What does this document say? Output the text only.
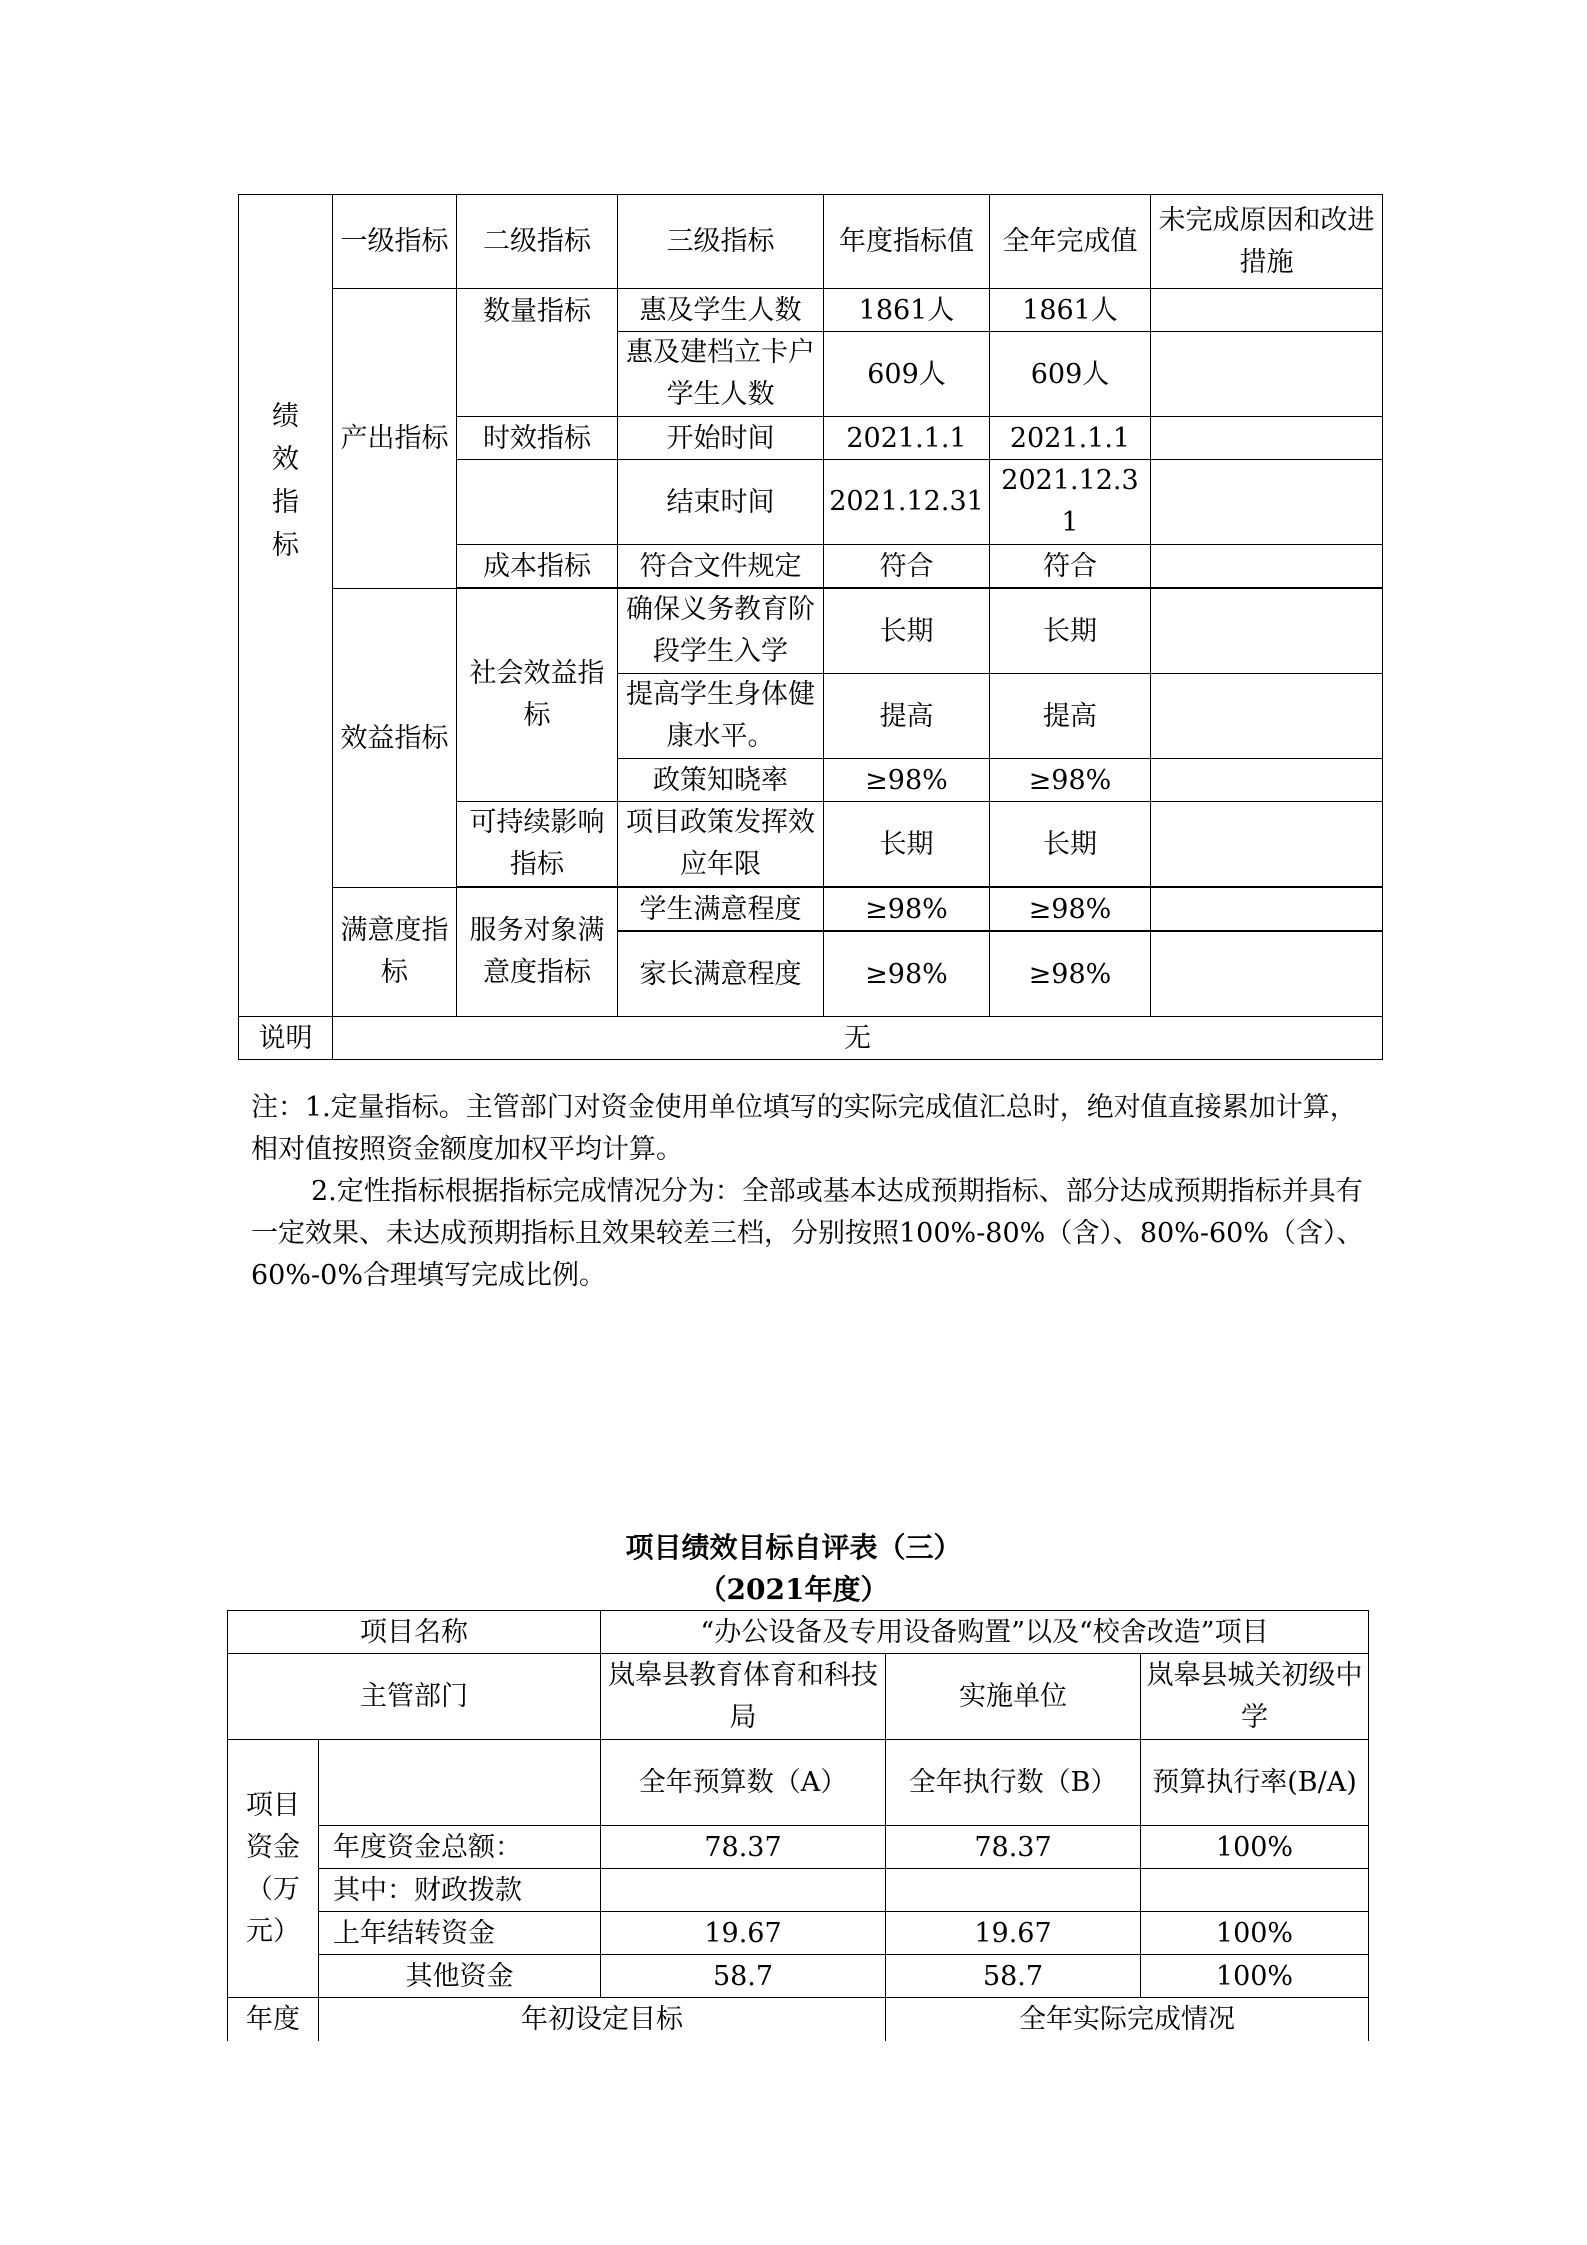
绩效指标	一级指标	二级指标	三级指标	年度指标值	全年完成值	未完成原因和改进措施
	产出指标	数量指标	惠及学生人数	1861人	1861人	
			惠及建档立卡户学生人数	609人	609人	
		时效指标	开始时间	2021.1.1	2021.1.1	
			结束时间	2021.12.31	2021.12.31	
		成本指标	符合文件规定	符合	符合	

	效益指标	社会效益指标	确保义务教育阶段学生入学	长期	长期	
			提高学生身体健康水平。	提高	提高	
			政策知晓率	≥98%	≥98%	
		可持续影响指标	项目政策发挥效应年限	长期	长期	

	满意度指标	服务对象满意度指标	学生满意程度	≥98%	≥98%	

			家长满意程度	≥98%	≥98%	
说明	无					

注：1.定量指标。主管部门对资金使用单位填写的实际完成值汇总时，绝对值直接累加计算，相对值按照资金额度加权平均计算。

2.定性指标根据指标完成情况分为：全部或基本达成预期指标、部分达成预期指标并具有一定效果、未达成预期指标且效果较差三档，分别按照100%-80%（含）、80%-60%（含）、60%-0%合理填写完成比例。

项目绩效目标自评表（三）
（2021年度）
项目名称		“办公设备及专用设备购置”以及“校舍改造”项目		
主管部门		岚皋县教育体育和科技局	实施单位	岚皋县城关初级中学
项目资金（万元）		全年预算数（A）	全年执行数（B）	预算执行率(B/A)
	年度资金总额：	78.37	78.37	100%
	其中：财政拨款			
	上年结转资金	19.67	19.67	100%
	其他资金	58.7	58.7	100%
年度	年初设定目标		全年实际完成情况	
